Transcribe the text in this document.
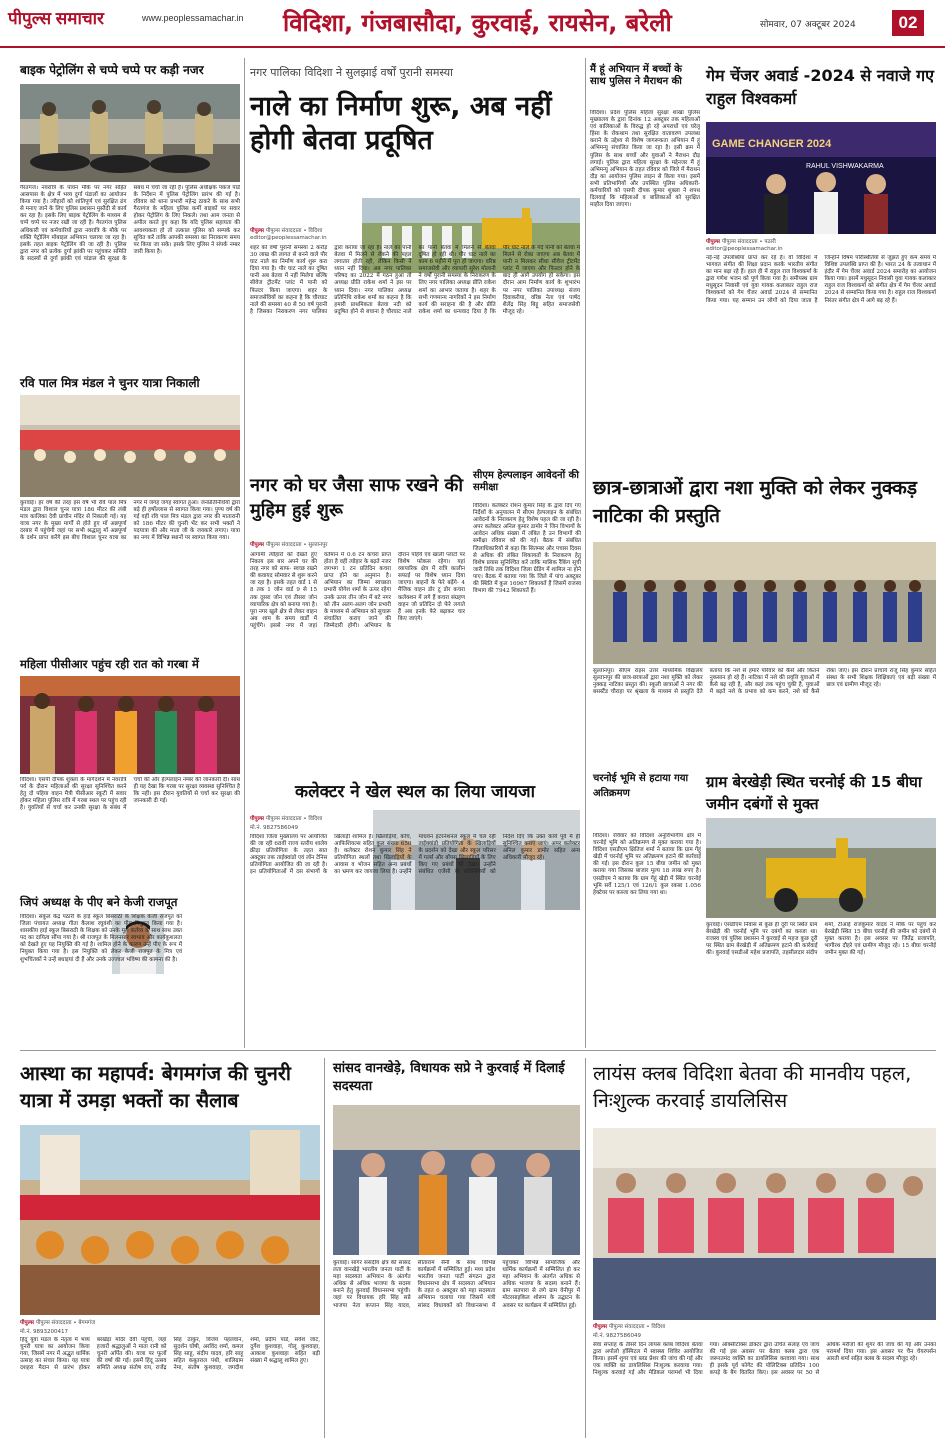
पीपुल्स समाचार	www.peoplessamachar.in विदिशा, गंजबासौदा, कुरवाई, रायसेन, बरेली	सोमवार, 07 अक्टूबर 2024	02
बाइक पेट्रोलिंग से चप्पे चप्पे पर कड़ी नजर
गैरतगंज। नवरात्रि के पावन मौके पर नगर सहित आसपास के क्षेत्र में भव्य दुर्गा पंडालों का आयोजन किया गया है। त्यौहारों को शांतिपूर्ण एवं सुरक्षित ढंग से मनाए जाने के लिए पुलिस प्रशासन मुस्तैदी से कार्य कर रहा है। इसके लिए बाइक पेट्रोलिंग के माध्यम से चप्पे चप्पे पर नजर रखी जा रही है। गैरतगंज पुलिस अधिकारी एवं कर्मचारियों द्वारा नवरात्रि के मौके पर शक्ति पेट्रोलिंग मोबाइल अभियान चलाया जा रहा है। इसके तहत बाइक पेट्रोलिंग की जा रही है। पुलिस द्वारा नगर को प्रत्येक दुर्गा झांकी पर पहुंचकर समिति के सदस्यों से दुर्गा झांकी एवं पांडाल की सुरक्षा के संबंध में चर्चा जा रही है। पुलिस अधीक्षक पंकज पांडे के निर्देशन में पुलिस पेट्रोलिंग प्रारंभ की गई है। रविवार को थाना प्रभारी महेन्द्र ठाकरे के साथ सभी गैरतगंज के महिला पुलिस कर्मी बाइकों पर सवार होकर पेट्रोलिंग के लिए निकले। तथा आम जनता से अपील करते हुए कहा कि यदि पुलिस सहायता की आवश्यकता हो तो तत्काल पुलिस को सम्पर्क कर सूचित करें ताकि आपकी समस्या का निराकरण समय पर किया जा सके। इसके लिए पुलिस ने संपर्क नम्बर जारी किया है।
रवि पाल मित्र मंडल ने चुनर यात्रा निकाली
कुरवाई। हर वर्ष की तरह इस वर्ष भी रवि पाल मित्र मंडल द्वारा विशाल चुनर यात्रा 186 मीटर की लंबी मात्र कालिका देवी प्राचीन मंदिर से निकाली गई। यह यात्रा नगर के मुख्य मार्गों से होते हुए माँ अन्नपूर्णा दरबार में पहुंचेगी जहां पर सभी श्रद्धालु माँ अन्नपूर्णा के दर्शन प्राप्त करेंगे इस बीच विशाल चुनर यात्रा का नगर में जगह जगह स्वागत हुआ। जनप्रतिनिधियों द्वारा बड़े ही हर्षोल्लास से स्वागत किया गया। पुण्य वर्ष की गई वहीं रवि पाल मित्र मंडल द्वारा नगर की मातारानी को 186 मीटर की चुनरी भेंट कर सभी भक्तों ने पदयात्रा की और माता जी के जयकारे लगाए। यात्रा का नगर में विभिन्न स्थानों पर स्वागत किया गया।
महिला पीसीआर पहुंच रही रात को गरबा में
विदिशा। एसपी दीपक शुक्ला के मार्गदर्शन में नवरात्रि पर्व के दौरान महिलाओं की सुरक्षा सुनिश्चित करने हेतु दो पहिया वाहन मैत्री पीसीआर स्कूटी में सवार होकर महिला पुलिस रात्रि में गरबा स्थल पर पहुंच रही है। युवतियों से चर्चा कर उनकी सुरक्षा के संबंध में चर्चा की और हेल्पलाइन नम्बर की जानकारी दी। साथ ही यह देखा कि गरबा पर सुरक्षा व्यवस्था सुनिश्चित है कि नहीं। इस दौरान युवतियों से चर्चा कर सुरक्षा की जानकारी दी गई।
जिपं अध्यक्ष के पीए बने केजी राजपूत
विदिशा। संकुल केंद्र पठारी के हाई स्कूल बिसराठी के शिक्षक केजी राजपूत को जिला पंचायत अध्यक्ष गीता कैलाश रघुवंशी का पीए नियुक्त किया गया है। शासकीय हाई स्कूल बिसराठी के शिक्षक को उनके मूल कर्तव्य के साथ साथ उक्त पद का दायित्व सौंपा गया है। श्री राजपूत के मिलनसार स्वभाव और कार्यकुशलता को देखते हुए यह नियुक्ति की गई है। शामिल होने के कारण उन्हें पीए के रूप में नियुक्त किया गया है। इस नियुक्ति को लेकर केजी राजपूत के मित्र एवं शुभचिंतकों ने उन्हें बधाइयां दी हैं और उनके उज्ज्वल भविष्य की कामना की है।
नगर पालिका विदिशा ने सुलझाई वर्षों पुरानी समस्या
नाले का निर्माण शुरू, अब नहीं होगी बेतवा प्रदूषित
पीपुल्स पीपुल्स संवाददाता • विदिशा
editor@peoplessamachar.in
शहर को वर्षों पुरानी समस्या 2 करोड़ 30 लाख की लागत से बनने वाले पौर घाट नाले का निर्माण कार्य शुरू करा दिया गया है। पौर घाट नाले का दूषित पानी अब बेतवा में नहीं मिलेगा बल्कि सीवेज ट्रीटमेंट प्लांट में पानी को फिल्टर किया जाएगा। शहर के समाजसेवियों का कहना है कि चौरघाट नाले की समस्या 40 से 50 वर्ष पुरानी है जिसका निराकरण नगर पालिका द्वारा कराया जा रहा है। नाले का पानी बेतवा में मिलने से रोकने की पहल लगातार होती रही, लेकिन किसी ने ध्यान नहीं दिया। अब नगर पालिका परिषद का 2022 में गठन हुआ तो अध्यक्ष प्रीति राकेश शर्मा ने इस पर ध्यान दिया। नगर पालिका अध्यक्ष प्रतिनिधि राकेश शर्मा का कहना है कि हमारी प्राथमिकता बेतवा नदी को प्रदूषित होने से बचाना है चौरघाट नाले का पानी बेतवा में मिलने से बेतवा दूषित हो रही थी। पौर घाट नाले का काम 6 महीने में पूरा हो जाएगा। वरिष्ठ समाजसेवी और व्यापारी सुरेश मोलानी ने वर्षों पुरानी समस्या के निराकरण के लिए नगर पालिका अध्यक्ष प्रीति राकेश शर्मा का आभार जताया है। शहर के सभी गणमान्य नागरिकों ने इस निर्माण कार्य की सराहना की है और प्रीति राकेश शर्मा का धन्यवाद दिया है कि पौर घाट नाले के गंदे पानी को बेतवा में मिलने से रोका जाएगा अब बेतवा में पानी न मिलकर सीधा सीवेज ट्रीटमेंट प्लांट में जाएगा और फिल्टर होने के बाद ही आगे उपयोग हो सकेगा। इस दौरान आम निर्माण कार्य के शुभारंभ पर नगर पालिका उपाध्यक्ष संजय दिवाकरीया, वरिष्ठ नेता एवं पार्षद शैलेंद्र सिंह बिट्टू सहित समाजसेवी मौजूद रहे।
नगर को घर जैसा साफ रखने की मुहिम हुई शुरू
पीपुल्स पीपुल्स संवाददाता • सुल्तानपुर
आगामी त्यौहारों को देखते हुए निकाय इस बार अपने घर की तरह नगर को साफ- स्वच्छ रखने की कवायद सोमवार से शुरू करने जा रहा है। इसके तहत वार्ड 1 से 8 तक 1 जोन वार्ड 9 से 15 तक दूसरा जोन एवं तीसरा जोन व्यापारिक क्षेत्र को बनाया गया है। पूरा नगर खुले क्षेत्र से लेकर वाहन अब शाम के समय वार्डों में पहुंचेंगे। इससे नगर में जहां वर्तमान में 0.6 टन कचरा प्राप्त होता है वहीं त्योहार के बढ़ते नजर लगभग 1 टन प्रतिदिन कचरा प्राप्त होने का अनुमान है। अभियान का जिम्मा स्वच्छता प्रभारी योगेश शर्मा के ऊपर रहेगा उनके ऊपर तीन जोन में बटे नगर को तीन अलग-अलग जोन प्रभारी के माध्यम से अभियान को सुचारू संचालित कराए जाने की जिम्मेदारी होगी। अभियान के दौरान पहिये एवं खाली प्लाटों पर विशेष फोकस रहेगा। यहां व्यापारिक क्षेत्र में रात्रि कालीन सफाई पर विशेष ध्यान दिया जाएगा। बाहनों के फेरे बढ़ेंगे- 4 मैजिक वाहन डोर टू डोर कचरा कलेक्शन में लगे हैं कचरा संग्रहण वाहन जो प्रतिदिन दो फेरे लगाते हैं अब इनके फेरे बढ़ाकर चार किए जाएंगे।
मैं हूं अभियान में बच्चों के साथ पुलिस ने मैराथन की
विदिशा। प्रदेश पुलिस महिला सुरक्षा शाखा पुलिस मुख्यालय के द्वारा दिनांक 12 अक्टूबर तक महिलाओं एवं बालिकाओं के विरुद्ध हो रहे अपराधों एवं घरेलू हिंसा के रोकथाम तथा सुरक्षित वातावरण उपलब्ध कराने के उद्देश्य से विशेष जागरूकता अभियान मैं हूं अभिमन्यु संचालित किया जा रहा है। इसी क्रम में पुलिस के साथ बच्चों और युवाओं ने मैराथन दौड़ लगाई। पुलिस द्वारा महिला सुरक्षा के मद्देनजर मैं हूं अभिमन्यु अभियान के तहत रविवार को जिले में मैराथन दौड़ का आयोजन पुलिस लाइन से किया गया। इसमें सभी प्रतिभागियों और उपस्थित पुलिस अधिकारी-कर्मचारियों को एसपी दीपक कुमार शुक्ला ने शपथ दिलवाई कि महिलाओं व बालिकाओं को सुरक्षित माहौल दिया जाएगा।
सीएम हेल्पलाइन आवेदनों की समीक्षा
विदिशा। कलेक्टर रोशन कुमार सिंह के द्वारा दिए गए निर्देशों के अनुपालन में सीएम हेल्पलाइन के संबंधित आवेदनों के निराकरण हेतु विशेष पहल की जा रही है। अपर कलेक्टर अनिल कुमार डामोर ने जिन विभागों के आवेदन अधिक संख्या में लंबित है उन विभागों की समीक्षा रविवार को की गई। बैठक में संबंधित जिलाधिकारियों से कहा कि सितम्बर और पचास दिवस से अधिक की लंबित शिकायतों के निराकरण हेतु विशेष प्रयास सुनिश्चित करें ताकि मासिक रैंकिंग सूची जारी तिथि तक विदिशा जिला ग्रेडिंग में शामिल ना होने पाए। बैठक में बताया गया कि जिले में पांच अक्टूबर की स्थिति में कुल 16967 शिकायतें हैं जिसमें राजस्व विभाग की 7942 शिकायतें हैं।
गेम चेंजर अवार्ड -2024 से नवाजे गए राहुल विश्वकर्मा
GAME CHANGER 2024
RAHUL VISHWAKARMA
पीपुल्स पीपुल्स संवाददाता • पठारी
editor@peoplessamachar.in
नई-नई उपलब्धियां प्राप्त कर रहे हैं। वो विदिशा में भागवत संगीत की शिक्षा प्रदान करके भारतीय संगीत का मान बढ़ा रहे हैं। हाल ही में राहुल राज विश्वकर्मा के द्वारा गणेश भजन को पूर्ण किया गया है। समीपस्थ ग्राम मधुसूदन निवासी एवं युवा गायक कलाकार राहुल राज विश्वकर्मा को गेम चेंजर अवार्ड 2024 से सम्मानित किया गया। यह सम्मान उन लोगों को दिया जाता है जिन्होंने विषम परिस्थितियों से जूझते हुए कम समय में विशिष्ट उपलब्धि प्राप्त की है। भारत 24 के तत्वाधान में इंदौर में गेम चेंजर अवार्ड 2024 समारोह का आयोजन किया गया। इसमें मधुसूदन निवासी युवा गायक कलाकार राहुल राज विश्वकर्मा को संगीत क्षेत्र में गेम चेंजर अवार्ड 2024 से सम्मानित किया गया है। राहुल राज विश्वकर्मा निरंतर संगीत क्षेत्र में आगे बढ़ रहे हैं।
छात्र-छात्राओं द्वारा नशा मुक्ति को लेकर नुक्कड़ नाटिका की प्रस्तुति
सुल्तानपुर। सीएम राइस उत्तर माध्यमिक विद्यालय सुल्तानपुर की छात्र-छात्राओं द्वारा नशा मुक्ति को लेकर नुक्कड़ नाटिका प्रस्तुत की। स्कूली छात्राओं ने नगर की बसस्टैंड चौराहा पर श्रृंखला के माध्यम से प्रस्तुति देते बताया कि नशे से हमारे परिवार को कैसे और कितने नुकसान हो रहे हैं। नाटिका में नशे की प्रवृत्ति युवाओं में कैसे बढ़ रही है, और कहां तक पहुंच चुकी है, युवाओं में बढ़ते नशे के प्रभाव को कम करने, नशे को कैसे रोका जाए। इस दौरान प्राचार्य राजू सिंह कुमार सहित संस्था के सभी शिक्षक शिक्षिकाएं एवं बड़ी संख्या में छात्र एवं ग्रामीण मौजूद रहे।
कलेक्टर ने खेल स्थल का लिया जायजा
पीपुल्स पीपुल्स संवाददाता • विदिशा
मो.नं. 9827586049
विदिशा जिला मुख्यालय पर आयोजित की जा रही 68वीं राज्य स्तरीय शालेय क्रीड़ा प्रतियोगिता के तहत सात अक्टूबर तक ताईक्वांडो एवं लॉन टेनिस प्रतियोगिता आयोजित की जा रही है। इन प्रतियोगिताओं में दस संभागों के खिलाड़ी शामिल हैं। खिलाड़ियों, कोच, आफिशियल्स सहित कुल संख्या 650 है। कलेक्टर रोशन कुमार सिंह ने प्रतियोगिता स्थलों तथा खिलाड़ियों के आवास व भोजन सहित अन्य प्रबंधों का भ्रमण कर जायजा लिया है। उन्होंने माधवन इंटरनेशनल स्कूल में चल रही ताईक्वांडो प्रतियोगिता के खिलाड़ियों के प्रदर्शन को देखा और स्कूल परिसर में गर्ल्स और बॉयस खिलाड़ियों के लिए किए गए प्रबंधों को देखा। उन्होंने संबंधित एजेंसी के प्रतिनिधियों को निर्देश दिए कि उक्त कार्य पूर्व में ही सुनिश्चित कराए जाएं। अपर कलेक्टर अनिल कुमार डामोर सहित अन्य अधिकारी मौजूद रहे।
चरनोई भूमि से हटाया गया अतिक्रमण
विदिशा। रविवार को विदिशा अनुविभागीय क्षेत्र में चरनोई भूमि को अतिक्रमण से मुक्त कराया गया है। विदिशा एसडीएम क्षितिज शर्मा ने बताया कि ग्राम गेंहूं खेड़ी में चरनोई भूमि पर अतिक्रमण हटाने की कार्रवाई की गई। इस दौरान कुल 15 बीघा जमीन को मुक्त कराया गया जिसका बाजार मूल्य 18 लाख रुपए है। एसडीएम ने बताया कि ग्राम गेंहूं खेड़ी में स्थित चरनोई भूमि सर्वे 125/1 एवं 126/1 कुल रकबा 1.056 हेक्टेयर पर कब्जा कर लिया गया था।
ग्राम बेरखेड़ी स्थित चरनोई की 15 बीघा जमीन दबंगों से मुक्त
कुरवाई। एसडीएम निवास से कुछ ही दूरी पर स्थित ग्राम बेरखेड़ी की चरनोई भूमि पर दबंगों का कब्जा था। राजस्व एवं पुलिस प्रशासन ने कुरवाई से महज कुछ दूरी पर स्थित ग्राम बेरखेड़ी में अतिक्रमण हटाने की कार्रवाई की। कुरवाई एसडीओ महेश प्रजापति, तहसीलदार संदीप शर्मा, टीआई राजकुमार यादव ने मौके पर पहुंच कर बेरखेड़ी स्थित 15 बीघा चरनोई की जमीन को दबंगों से मुक्त कराया है। इस अवसर पर जितेंद्र प्रजापति, भागीरथ दौहरे एवं ग्रामीण मौजूद रहे। 15 बीघा चरनोई जमीन मुक्त की गई।
आस्था का महापर्व: बेगमगंज की चुनरी यात्रा में उमड़ा भक्तों का सैलाब
पीपुल्स पीपुल्स संवाददाता • बेगमगंज
मो.नं. 9893200417
हिंदू युवा मंडल के नेतृत्व में भव्य चुनरी यात्रा का आयोजन किया गया, जिसमें नगर में अद्भुत धार्मिक उत्साह का संचार किया। यह यात्रा दशहरा मैदान से प्रारंभ होकर बरखेड़ा मंदिर देवी पहुंची, जहां हजारों श्रद्धालुओं ने माता रानी को चुनरी अर्पित की। यात्रा पर फूलों की वर्षा की गई। इसमें हिंदू उत्सव समिति अध्यक्ष संतोष राय, राजेंद्र सिंह ठाकुर, विजय पहलवान, सुदर्शन घोषी, अरविंद शर्मा, कमल सिंह साहू, संदीप यादव, हरि साहू सहित कबूतराल पंथी, शालिग्राम नेमा, संतोष कुशवाहा, जगदीश शर्मा, प्रदीप पांडे, सर्वेश जाट, दुर्गेश कुशवाहा, गोलू कुशवाहा, आकाश कुशवाहा सहित बड़ी संख्या में श्रद्धालु शामिल हुए।
सांसद वानखेड़े, विधायक सप्रे ने कुरवाई में दिलाई सदस्यता
कुरवाई। सागर संसदीय क्षेत्र की सांसद लता वानखेड़े भारतीय जनता पार्टी के महा सदस्यता अभियान के अंतर्गत अधिक से अधिक भाजपा के सदस्य बनाने हेतु कुरवाई विधानसभा पहुंची। जहां पर विधायक हरि सिंह सप्रे भाजपा नेता कप्तान सिंह यादव, सीताराम सैनी के साथ विभिन्न कार्यक्रमों में सम्मिलित हुई। मध्य प्रदेश भारतीय जनता पार्टी संगठन द्वारा विधानसभा क्षेत्र में सदस्यता अभियान के तहत 6 अक्टूबर को महा सदस्यता अभियान चलाया गया जिसमें मंत्री सांसद विधायकों को विधानसभा में पहुंचकर विभिन्न सामाजिक और धार्मिक कार्यक्रमों में सम्मिलित हो कर महा अभियान के अंतर्गत अधिक से अधिक भाजपा के सदस्य बनाने हैं। ग्राम सतपारा से लगे ग्राम वेनीपुर में मोटरसाइकिल शोरूम के उद्घाटन के अवसर पर कार्यक्रम में सम्मिलित हुई।
लायंस क्लब विदिशा बेतवा की मानवीय पहल, निःशुल्क करवाई डायलिसिस
पीपुल्स पीपुल्स संवाददाता • विदिशा
मो.नं. 9827586049
सेवा सप्ताह के तीसरे दिन लायंस क्लब विदिशा बेतवा द्वारा अपोलो हॉस्पिटल में स्वास्थ्य शिविर आयोजित किया। इसमें शुगर एवं ब्लड प्रेशर की जांच की गई और एक व्यक्ति का डायलिसिस निःशुल्क करवाया गया। निशुल्क करवाई गई और मेडिकल परामर्श भी दिया गया। ऑक्सीटॉक्स डॉक्टर द्वारा उचित सलाह एवं जांच की गई इस अवसर पर बेतवा क्लब द्वारा एक जरूरतमंद व्यक्ति का डायलिसिस करवाया गया। साथ ही इसके पूर्व फोगेट की पोलिटिक्स प्रतिदिन 100 कपड़े के बैग वितरित किए। इस अवसर पर 50 से अधिक मरीजों की शुगर की जांच की गई और उनका परामर्श दिया गया। इस अवसर पर चैन चेयरपर्सन आरती शर्मा सहित क्लब के सदस्य मौजूद रहे।
